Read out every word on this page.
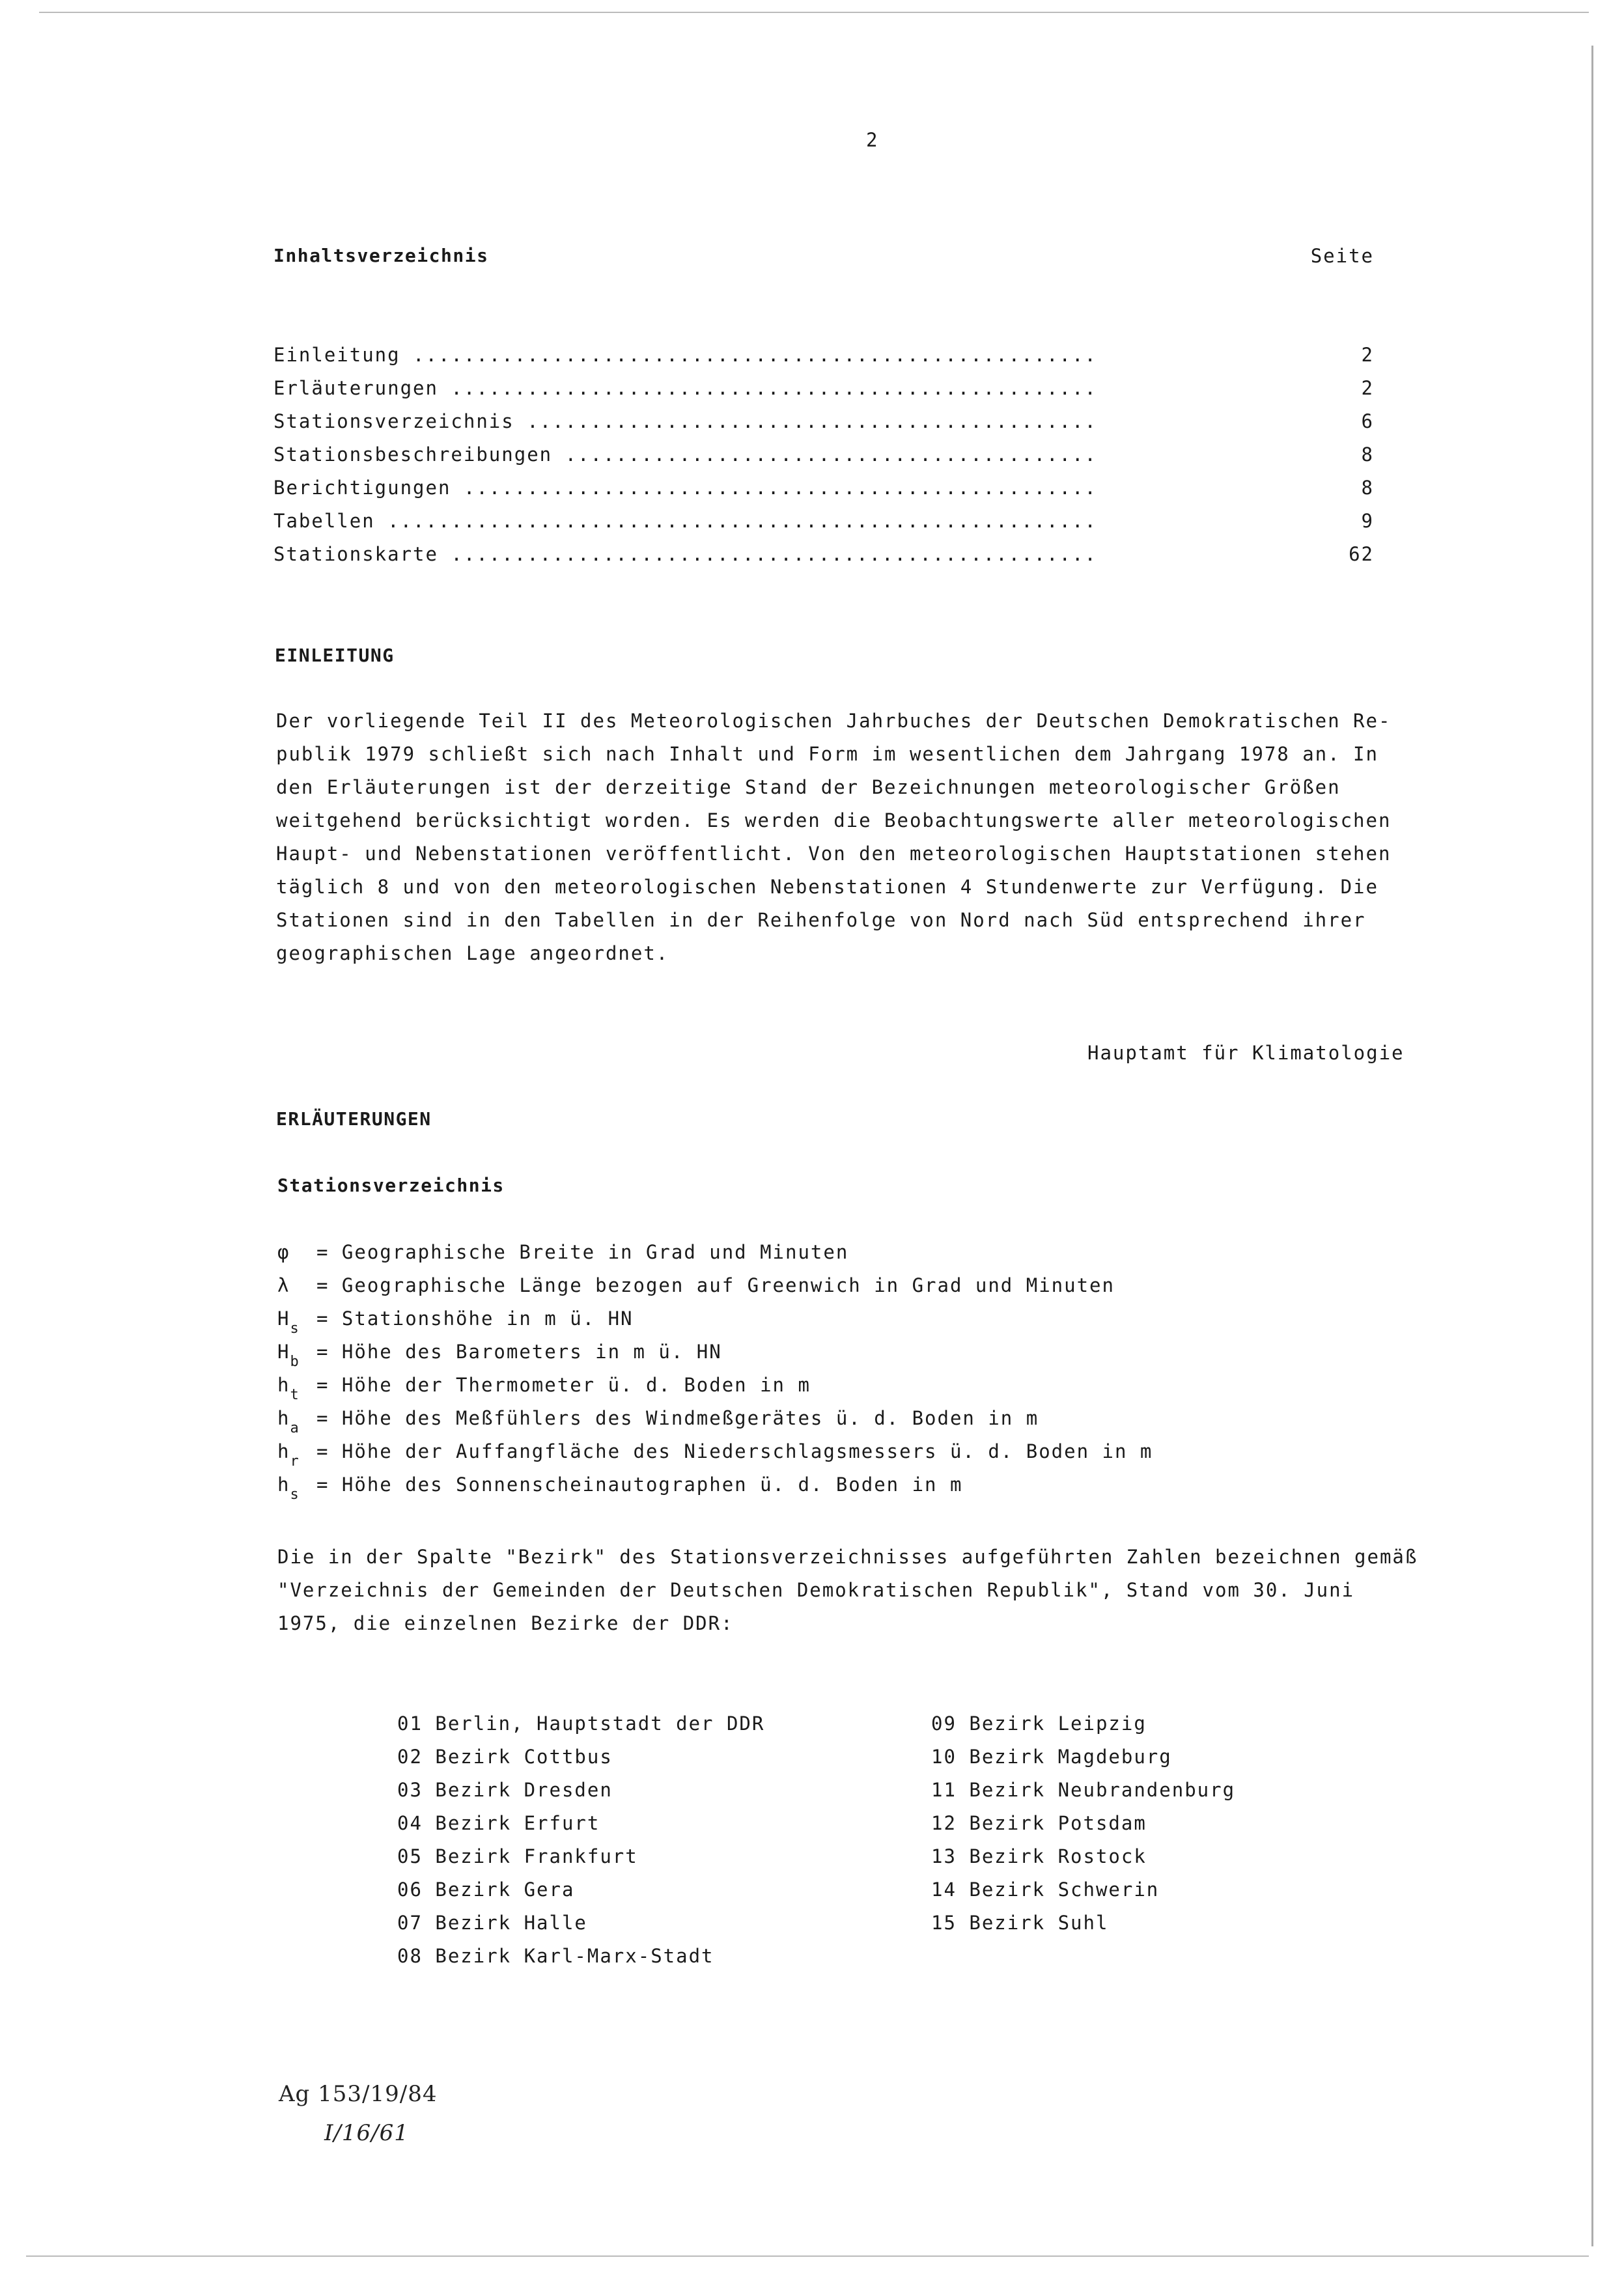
2
Inhaltsverzeichnis	Seite
Einleitung ......................................................	2
Erläuterungen ...................................................	2
Stationsverzeichnis .............................................	6
Stationsbeschreibungen ..........................................	8
Berichtigungen ..................................................	8
Tabellen ........................................................	9
Stationskarte ...................................................	62
EINLEITUNG
Der vorliegende Teil II des Meteorologischen Jahrbuches der Deutschen Demokratischen Re-
publik 1979 schließt sich nach Inhalt und Form im wesentlichen dem Jahrgang 1978 an. In
den Erläuterungen ist der derzeitige Stand der Bezeichnungen meteorologischer Größen
weitgehend berücksichtigt worden. Es werden die Beobachtungswerte aller meteorologischen
Haupt- und Nebenstationen veröffentlicht. Von den meteorologischen Hauptstationen stehen
täglich 8 und von den meteorologischen Nebenstationen 4 Stundenwerte zur Verfügung. Die
Stationen sind in den Tabellen in der Reihenfolge von Nord nach Süd entsprechend ihrer
geographischen Lage angeordnet.
Hauptamt für Klimatologie
ERLÄUTERUNGEN
Stationsverzeichnis
φ = Geographische Breite in Grad und Minuten
λ = Geographische Länge bezogen auf Greenwich in Grad und Minuten
$H_s$ = Stationshöhe in m ü. HN
$H_b$ = Höhe des Barometers in m ü. HN
$h_t$ = Höhe der Thermometer ü. d. Boden in m
$h_a$ = Höhe des Meßfühlers des Windmeßgerätes ü. d. Boden in m
$h_r$ = Höhe der Auffangfläche des Niederschlagsmessers ü. d. Boden in m
$h_s$ = Höhe des Sonnenscheinautographen ü. d. Boden in m
Die in der Spalte "Bezirk" des Stationsverzeichnisses aufgeführten Zahlen bezeichnen gemäß
"Verzeichnis der Gemeinden der Deutschen Demokratischen Republik", Stand vom 30. Juni
1975, die einzelnen Bezirke der DDR:
01 Berlin, Hauptstadt der DDR
02 Bezirk Cottbus
03 Bezirk Dresden
04 Bezirk Erfurt
05 Bezirk Frankfurt
06 Bezirk Gera
07 Bezirk Halle
08 Bezirk Karl-Marx-Stadt
09 Bezirk Leipzig
10 Bezirk Magdeburg
11 Bezirk Neubrandenburg
12 Bezirk Potsdam
13 Bezirk Rostock
14 Bezirk Schwerin
15 Bezirk Suhl
Ag 153/19/84
I/16/61
